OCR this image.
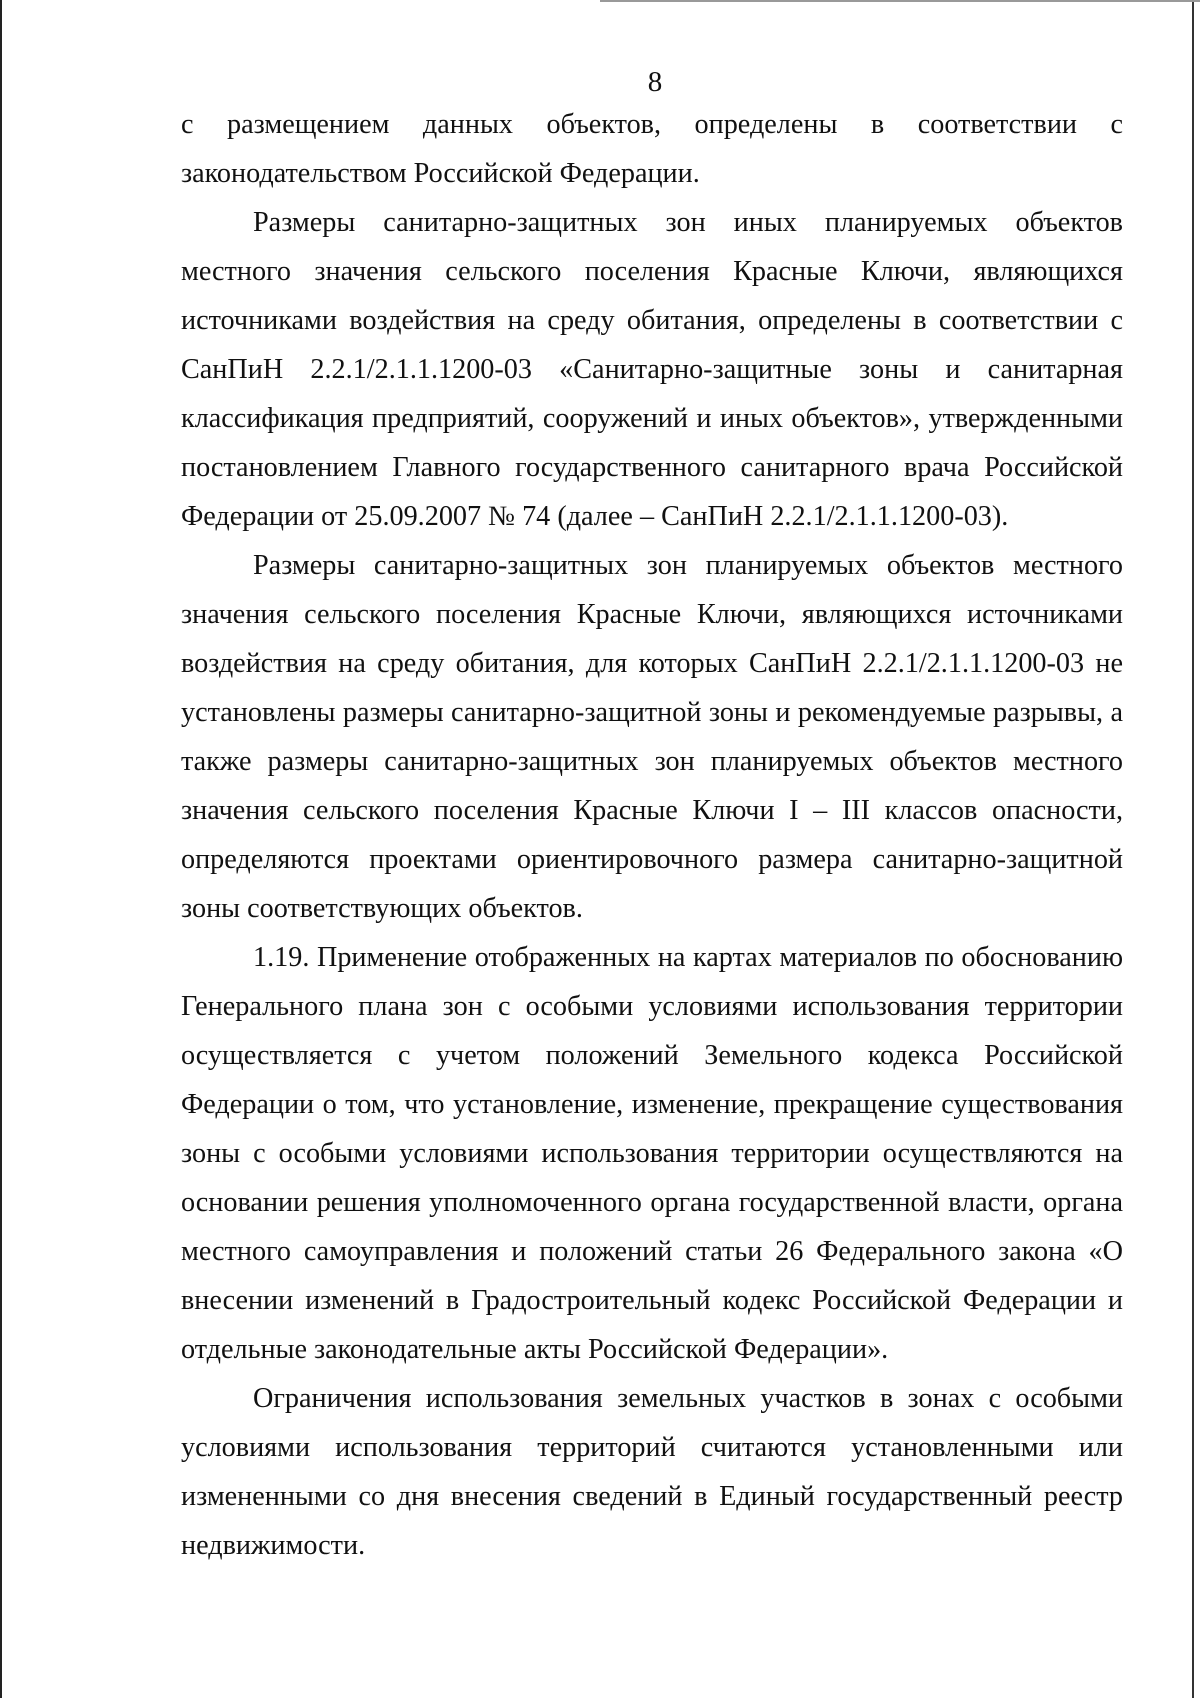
8

с размещением данных объектов, определены в соответствии с законодательством Российской Федерации.

Размеры санитарно-защитных зон иных планируемых объектов местного значения сельского поселения Красные Ключи, являющихся источниками воздействия на среду обитания, определены в соответствии с СанПиН 2.2.1/2.1.1.1200-03 «Санитарно-защитные зоны и санитарная классификация предприятий, сооружений и иных объектов», утвержденными постановлением Главного государственного санитарного врача Российской Федерации от 25.09.2007 № 74 (далее – СанПиН 2.2.1/2.1.1.1200-03).

Размеры санитарно-защитных зон планируемых объектов местного значения сельского поселения Красные Ключи, являющихся источниками воздействия на среду обитания, для которых СанПиН 2.2.1/2.1.1.1200-03 не установлены размеры санитарно-защитной зоны и рекомендуемые разрывы, а также размеры санитарно-защитных зон планируемых объектов местного значения сельского поселения Красные Ключи I – III классов опасности, определяются проектами ориентировочного размера санитарно-защитной зоны соответствующих объектов.

1.19. Применение отображенных на картах материалов по обоснованию Генерального плана зон с особыми условиями использования территории осуществляется с учетом положений Земельного кодекса Российской Федерации о том, что установление, изменение, прекращение существования зоны с особыми условиями использования территории осуществляются на основании решения уполномоченного органа государственной власти, органа местного самоуправления и положений статьи 26 Федерального закона «О внесении изменений в Градостроительный кодекс Российской Федерации и отдельные законодательные акты Российской Федерации».

Ограничения использования земельных участков в зонах с особыми условиями использования территорий считаются установленными или измененными со дня внесения сведений в Единый государственный реестр недвижимости.
